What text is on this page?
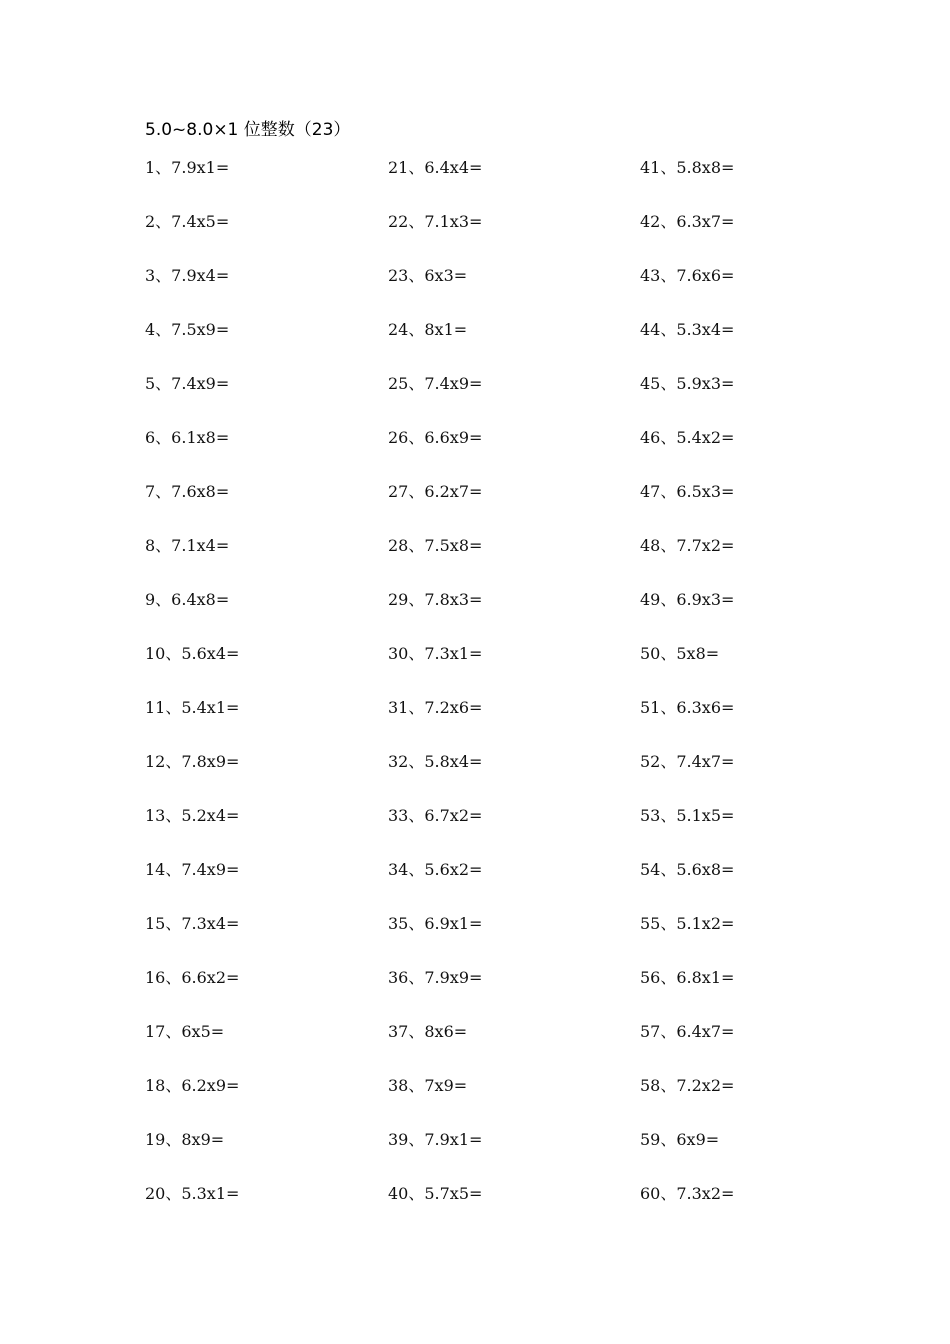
5.0~8.0×1 位整数（23）
1、7.9x1=
2、7.4x5=
3、7.9x4=
4、7.5x9=
5、7.4x9=
6、6.1x8=
7、7.6x8=
8、7.1x4=
9、6.4x8=
10、5.6x4=
11、5.4x1=
12、7.8x9=
13、5.2x4=
14、7.4x9=
15、7.3x4=
16、6.6x2=
17、6x5=
18、6.2x9=
19、8x9=
20、5.3x1=
21、6.4x4=
22、7.1x3=
23、6x3=
24、8x1=
25、7.4x9=
26、6.6x9=
27、6.2x7=
28、7.5x8=
29、7.8x3=
30、7.3x1=
31、7.2x6=
32、5.8x4=
33、6.7x2=
34、5.6x2=
35、6.9x1=
36、7.9x9=
37、8x6=
38、7x9=
39、7.9x1=
40、5.7x5=
41、5.8x8=
42、6.3x7=
43、7.6x6=
44、5.3x4=
45、5.9x3=
46、5.4x2=
47、6.5x3=
48、7.7x2=
49、6.9x3=
50、5x8=
51、6.3x6=
52、7.4x7=
53、5.1x5=
54、5.6x8=
55、5.1x2=
56、6.8x1=
57、6.4x7=
58、7.2x2=
59、6x9=
60、7.3x2=
